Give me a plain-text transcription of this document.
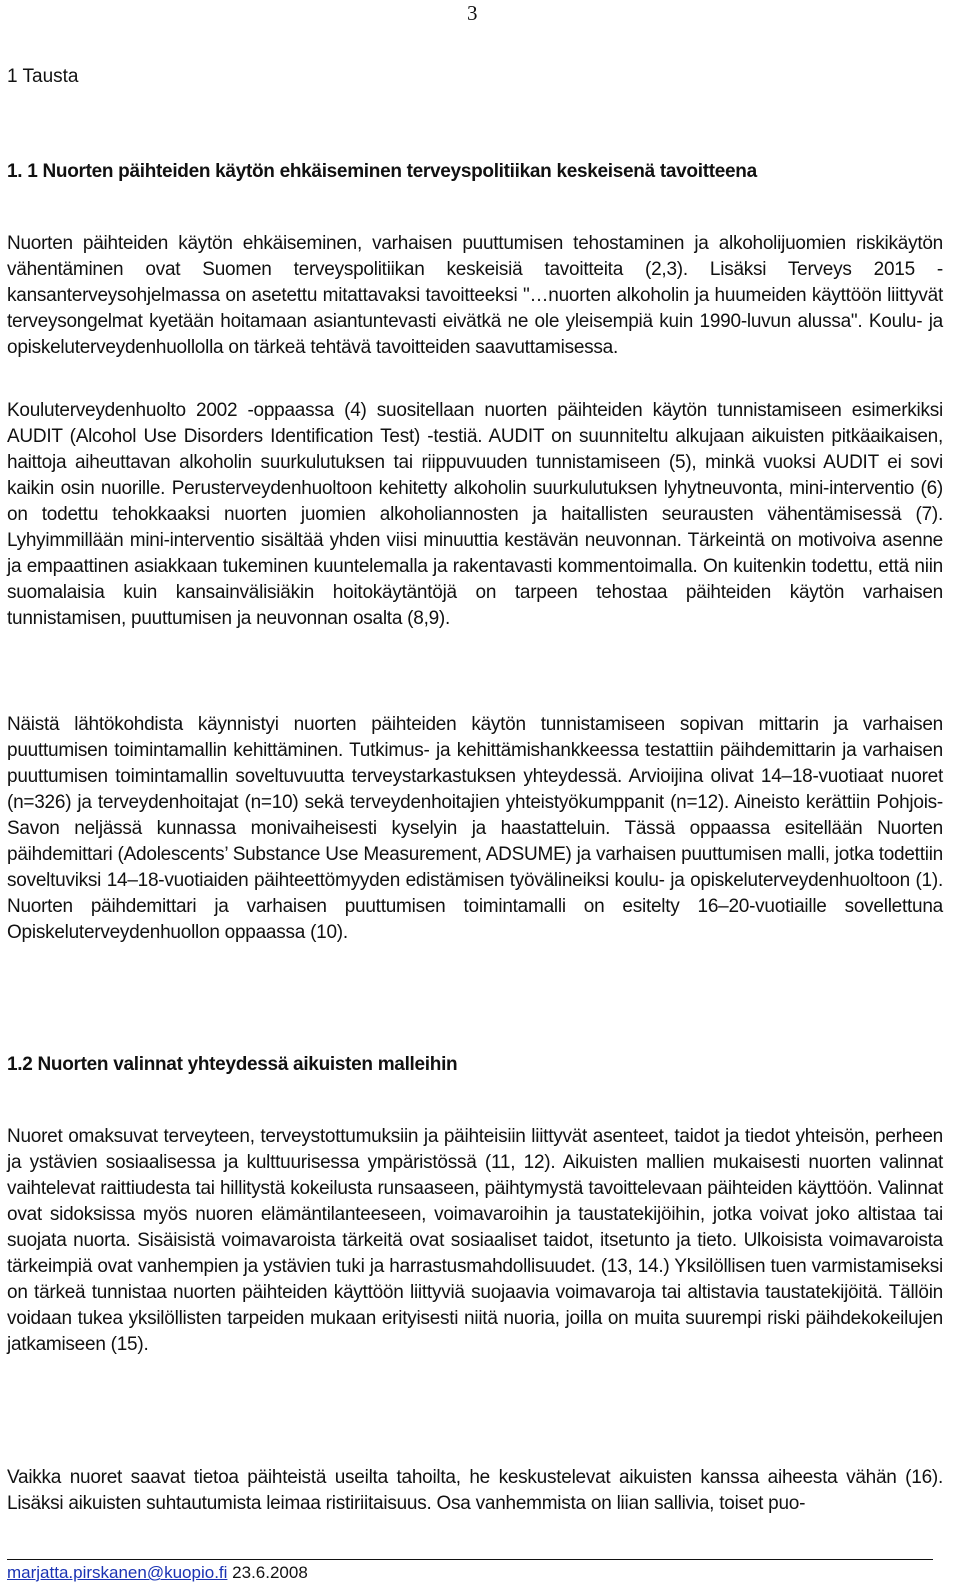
3
1 Tausta
1. 1 Nuorten päihteiden käytön ehkäiseminen terveyspolitiikan keskeisenä tavoitteena

Nuorten päihteiden käytön ehkäiseminen, varhaisen puuttumisen tehostaminen ja alkoholijuomien riskikäytön vähentäminen ovat Suomen terveyspolitiikan keskeisiä tavoitteita (2,3). Lisäksi Terveys 2015 -kansanterveysohjelmassa on asetettu mitattavaksi tavoitteeksi "…nuorten alkoholin ja huumeiden käyttöön liittyvät terveysongelmat kyetään hoitamaan asiantuntevasti eivätkä ne ole yleisempiä kuin 1990-luvun alussa". Koulu- ja opiskeluterveydenhuollolla on tärkeä tehtävä tavoitteiden saavuttamisessa.

Kouluterveydenhuolto 2002 -oppaassa (4) suositellaan nuorten päihteiden käytön tunnistamiseen esimerkiksi AUDIT (Alcohol Use Disorders Identification Test) -testiä. AUDIT on suunniteltu alkujaan aikuisten pitkäaikaisen, haittoja aiheuttavan alkoholin suurkulutuksen tai riippuvuuden tunnistamiseen (5), minkä vuoksi AUDIT ei sovi kaikin osin nuorille. Perusterveydenhuoltoon kehitetty alkoholin suurkulutuksen lyhytneuvonta, mini-interventio (6) on todettu tehokkaaksi nuorten juomien alkoholiannosten ja haitallisten seurausten vähentämisessä (7). Lyhyimmillään mini-interventio sisältää yhden viisi minuuttia kestävän neuvonnan. Tärkeintä on motivoiva asenne ja empaattinen asiakkaan tukeminen kuuntelemalla ja rakentavasti kommentoimalla. On kuitenkin todettu, että niin suomalaisia kuin kansainvälisiäkin hoitokäytäntöjä on tarpeen tehostaa päihteiden käytön varhaisen tunnistamisen, puuttumisen ja neuvonnan osalta (8,9).

Näistä lähtökohdista käynnistyi nuorten päihteiden käytön tunnistamiseen sopivan mittarin ja varhaisen puuttumisen toimintamallin kehittäminen. Tutkimus- ja kehittämishankkeessa testattiin päihdemittarin ja varhaisen puuttumisen toimintamallin soveltuvuutta terveystarkastuksen yhteydessä. Arvioijina olivat 14–18-vuotiaat nuoret (n=326) ja terveydenhoitajat (n=10) sekä terveydenhoitajien yhteistyökumppanit (n=12). Aineisto kerättiin Pohjois-Savon neljässä kunnassa monivaiheisesti kyselyin ja haastatteluin. Tässä oppaassa esitellään Nuorten päihdemittari (Adolescents’ Substance Use Measurement, ADSUME) ja varhaisen puuttumisen malli, jotka todettiin soveltuviksi 14–18-vuotiaiden päihteettömyyden edistämisen työvälineiksi koulu- ja opiskeluterveydenhuoltoon (1). Nuorten päihdemittari ja varhaisen puuttumisen toimintamalli on esitelty 16–20-vuotiaille sovellettuna Opiskeluterveydenhuollon oppaassa (10).

1.2 Nuorten valinnat yhteydessä aikuisten malleihin

Nuoret omaksuvat terveyteen, terveystottumuksiin ja päihteisiin liittyvät asenteet, taidot ja tiedot yhteisön, perheen ja ystävien sosiaalisessa ja kulttuurisessa ympäristössä (11, 12). Aikuisten mallien mukaisesti nuorten valinnat vaihtelevat raittiudesta tai hillitystä kokeilusta runsaaseen, päihtymystä tavoittelevaan päihteiden käyttöön. Valinnat ovat sidoksissa myös nuoren elämäntilanteeseen, voimavaroihin ja taustatekijöihin, jotka voivat joko altistaa tai suojata nuorta. Sisäisistä voimavaroista tärkeitä ovat sosiaaliset taidot, itsetunto ja tieto. Ulkoisista voimavaroista tärkeimpiä ovat vanhempien ja ystävien tuki ja harrastusmahdollisuudet. (13, 14.) Yksilöllisen tuen varmistamiseksi on tärkeä tunnistaa nuorten päihteiden käyttöön liittyviä suojaavia voimavaroja tai altistavia taustatekijöitä. Tällöin voidaan tukea yksilöllisten tarpeiden mukaan erityisesti niitä nuoria, joilla on muita suurempi riski päihdekokeilujen jatkamiseen (15).

Vaikka nuoret saavat tietoa päihteistä useilta tahoilta, he keskustelevat aikuisten kanssa aiheesta vähän (16). Lisäksi aikuisten suhtautumista leimaa ristiriitaisuus. Osa vanhemmista on liian sallivia, toiset puo-

marjatta.pirskanen@kuopio.fi 23.6.2008
